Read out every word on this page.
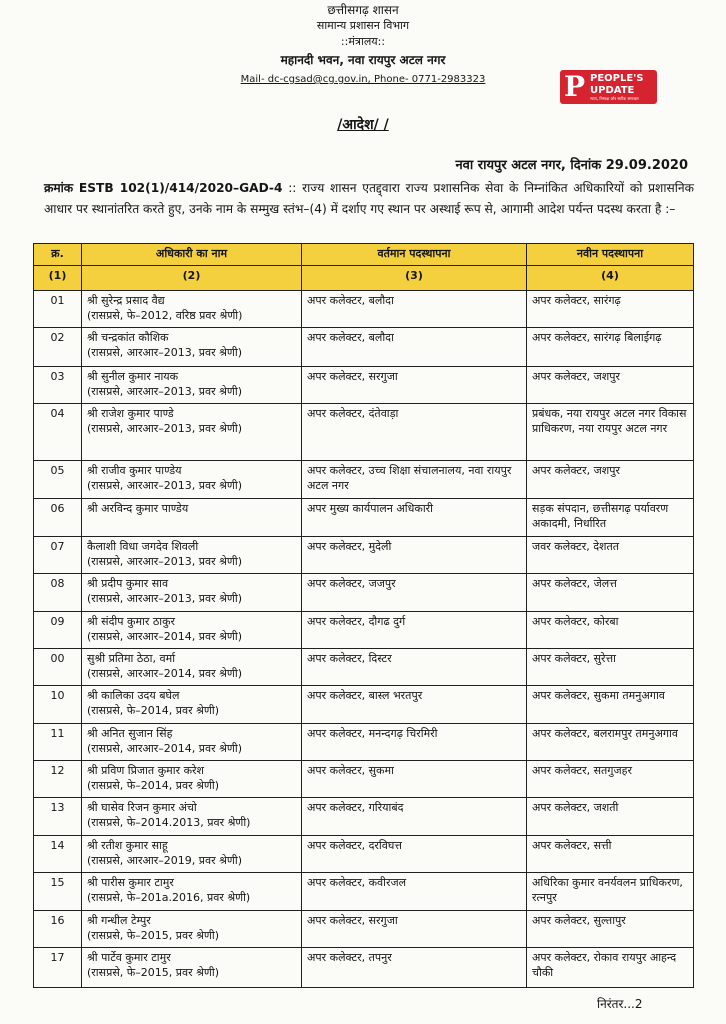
छत्तीसगढ़ शासन
सामान्य प्रशासन विभाग
::मंत्रालय::
महानदी भवन, नवा रायपुर अटल नगर
Mail- dc-cgsad@cg.gov.in, Phone- 0771-2983323	P PEOPLE'S
UPDATE
न्याय, निष्पक्ष और सटीक समाचार
/आदेश/ /
नवा रायपुर अटल नगर, दिनांक 29.09.2020
क्रमांक ESTB 102(1)/414/2020–GAD-4 :: राज्य शासन एतद्द्वारा राज्य प्रशासनिक सेवा के निम्नांकित अधिकारियों को प्रशासनिक आधार पर स्थानांतरित करते हुए, उनके नाम के सम्मुख स्तंभ–(4) में दर्शाए गए स्थान पर अस्थाई रूप से, आगामी आदेश पर्यन्त पदस्थ करता है :–
क्र.	अधिकारी का नाम	वर्तमान पदस्थापना	नवीन पदस्थापना
(1)	(2)	(3)	(4)
01	श्री सुरेन्द्र प्रसाद वैद्य
(रासप्रसे, फे–2012, वरिष्ठ प्रवर श्रेणी)	अपर कलेक्टर, बलौदा	अपर कलेक्टर, सारंगढ़
02	श्री चन्द्रकांत कौशिक
(रासप्रसे, आरआर–2013, प्रवर श्रेणी)	अपर कलेक्टर, बलौदा	अपर कलेक्टर, सारंगढ़ बिलाईगढ़
03	श्री सुनील कुमार नायक
(रासप्रसे, आरआर–2013, प्रवर श्रेणी)	अपर कलेक्टर, सरगुजा	अपर कलेक्टर, जशपुर
04	श्री राजेश कुमार पाण्डे
(रासप्रसे, आरआर–2013, प्रवर श्रेणी)	अपर कलेक्टर, दंतेवाड़ा	प्रबंधक, नया रायपुर अटल नगर विकास प्राधिकरण, नया रायपुर अटल नगर
05	श्री राजीव कुमार पाण्डेय
(रासप्रसे, आरआर–2013, प्रवर श्रेणी)	अपर कलेक्टर, उच्च शिक्षा संचालनालय, नवा रायपुर अटल नगर	अपर कलेक्टर, जशपुर
06	श्री अरविन्द कुमार पाण्डेय	अपर मुख्य कार्यपालन अधिकारी	सड़क संपदान, छत्तीसगढ़ पर्यावरण अकादमी, निर्धारित
07	कैलाशी विधा जगदेव शिवली
(रासप्रसे, आरआर–2013, प्रवर श्रेणी)	अपर कलेक्टर, मुदेली	जवर कलेक्टर, देशतत
08	श्री प्रदीप कुमार साव
(रासप्रसे, आरआर–2013, प्रवर श्रेणी)	अपर कलेक्टर, जजपुर	अपर कलेक्टर, जेलत्त
09	श्री संदीप कुमार ठाकुर
(रासप्रसे, आरआर–2014, प्रवर श्रेणी)	अपर कलेक्टर, दौगढ दुर्ग	अपर कलेक्टर, कोरबा
00	सुश्री प्रतिमा ठेठा, वर्मा
(रासप्रसे, आरआर–2014, प्रवर श्रेणी)	अपर कलेक्टर, दिस्टर	अपर कलेक्टर, सुरेत्ता
10	श्री कालिका उदय बघेल
(रासप्रसे, फे–2014, प्रवर श्रेणी)	अपर कलेक्टर, बास्ल भरतपुर	अपर कलेक्टर, सुकमा तमनुअगाव
11	श्री अनित सुजान सिंह
(रासप्रसे, आरआर–2014, प्रवर श्रेणी)	अपर कलेक्टर, मनन्दगढ़ चिरमिरी	अपर कलेक्टर, बलरामपुर तमनुअगाव
12	श्री प्रविण प्रिजात कुमार करेश
(रासप्रसे, फे–2014, प्रवर श्रेणी)	अपर कलेक्टर, सुकमा	अपर कलेक्टर, सतगुजहर
13	श्री घासेव रिजन कुमार अंचो
(रासप्रसे, फे–2014.2013, प्रवर श्रेणी)	अपर कलेक्टर, गरियाबंद	अपर कलेक्टर, जशती
14	श्री रतीश कुमार साहू
(रासप्रसे, आरआर–2019, प्रवर श्रेणी)	अपर कलेक्टर, दरविघत्त	अपर कलेक्टर, सत्ती
15	श्री पारीस कुमार टामुर
(रासप्रसे, फे–201a.2016, प्रवर श्रेणी)	अपर कलेक्टर, कवीरजल	अधिरिका कुमार वनर्यवलन प्राधिकरण, रत्नपुर
16	श्री गन्धील टेम्पुर
(रासप्रसे, फे–2015, प्रवर श्रेणी)	अपर कलेक्टर, सरगुजा	अपर कलेक्टर, सुल्तापुर
17	श्री पार्टेव कुमार टामुर
(रासप्रसे, फे–2015, प्रवर श्रेणी)	अपर कलेक्टर, तपनुर	अपर कलेक्टर, रोकाव रायपुर आहन्द चौकी
निरंतर...2
